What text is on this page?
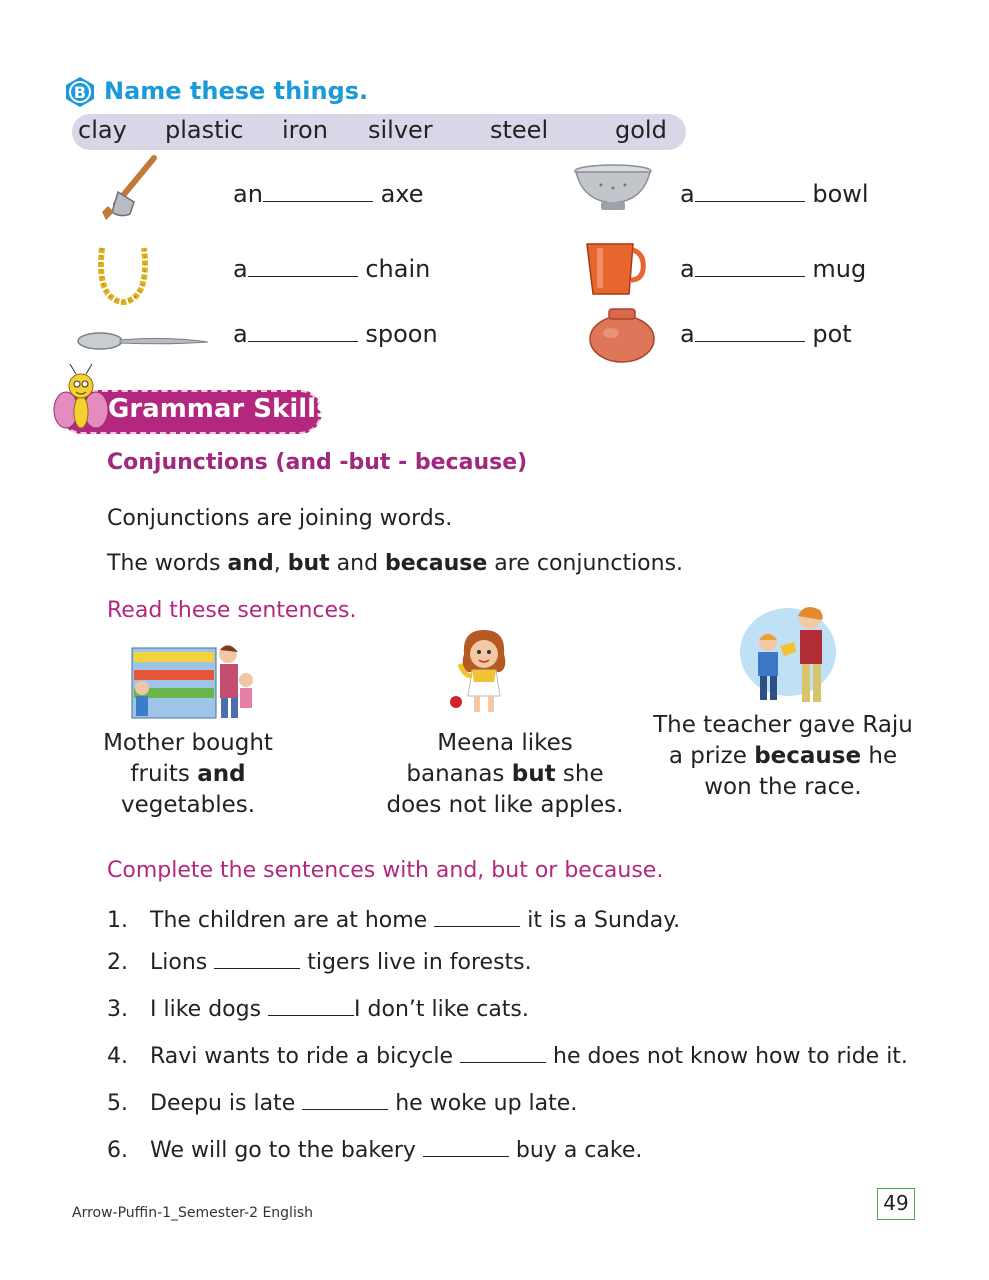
B Name these things.
clay plastic iron silver steel	gold
an	axe
a	chain
a	spoon
a	bowl
a	mug
a	pot
Grammar Skills
Conjunctions (and -but - because)
Conjunctions are joining words.
The words and, but and because are conjunctions.
Read these sentences.
Mother bought
fruits and
vegetables.
Meena likes
bananas but she
does not like apples.
The teacher gave Raju
a prize because he
won the race.
Complete the sentences with and, but or because.
1. The children are at home	it is a Sunday.
2. Lions	tigers live in forests.
3. I like dogs	I don’t like cats.
4. Ravi wants to ride a bicycle	he does not know how to ride it.
5. Deepu is late	he woke up late.
6. We will go to the bakery	buy a cake.
Arrow-Puffin-1_Semester-2 English	49
